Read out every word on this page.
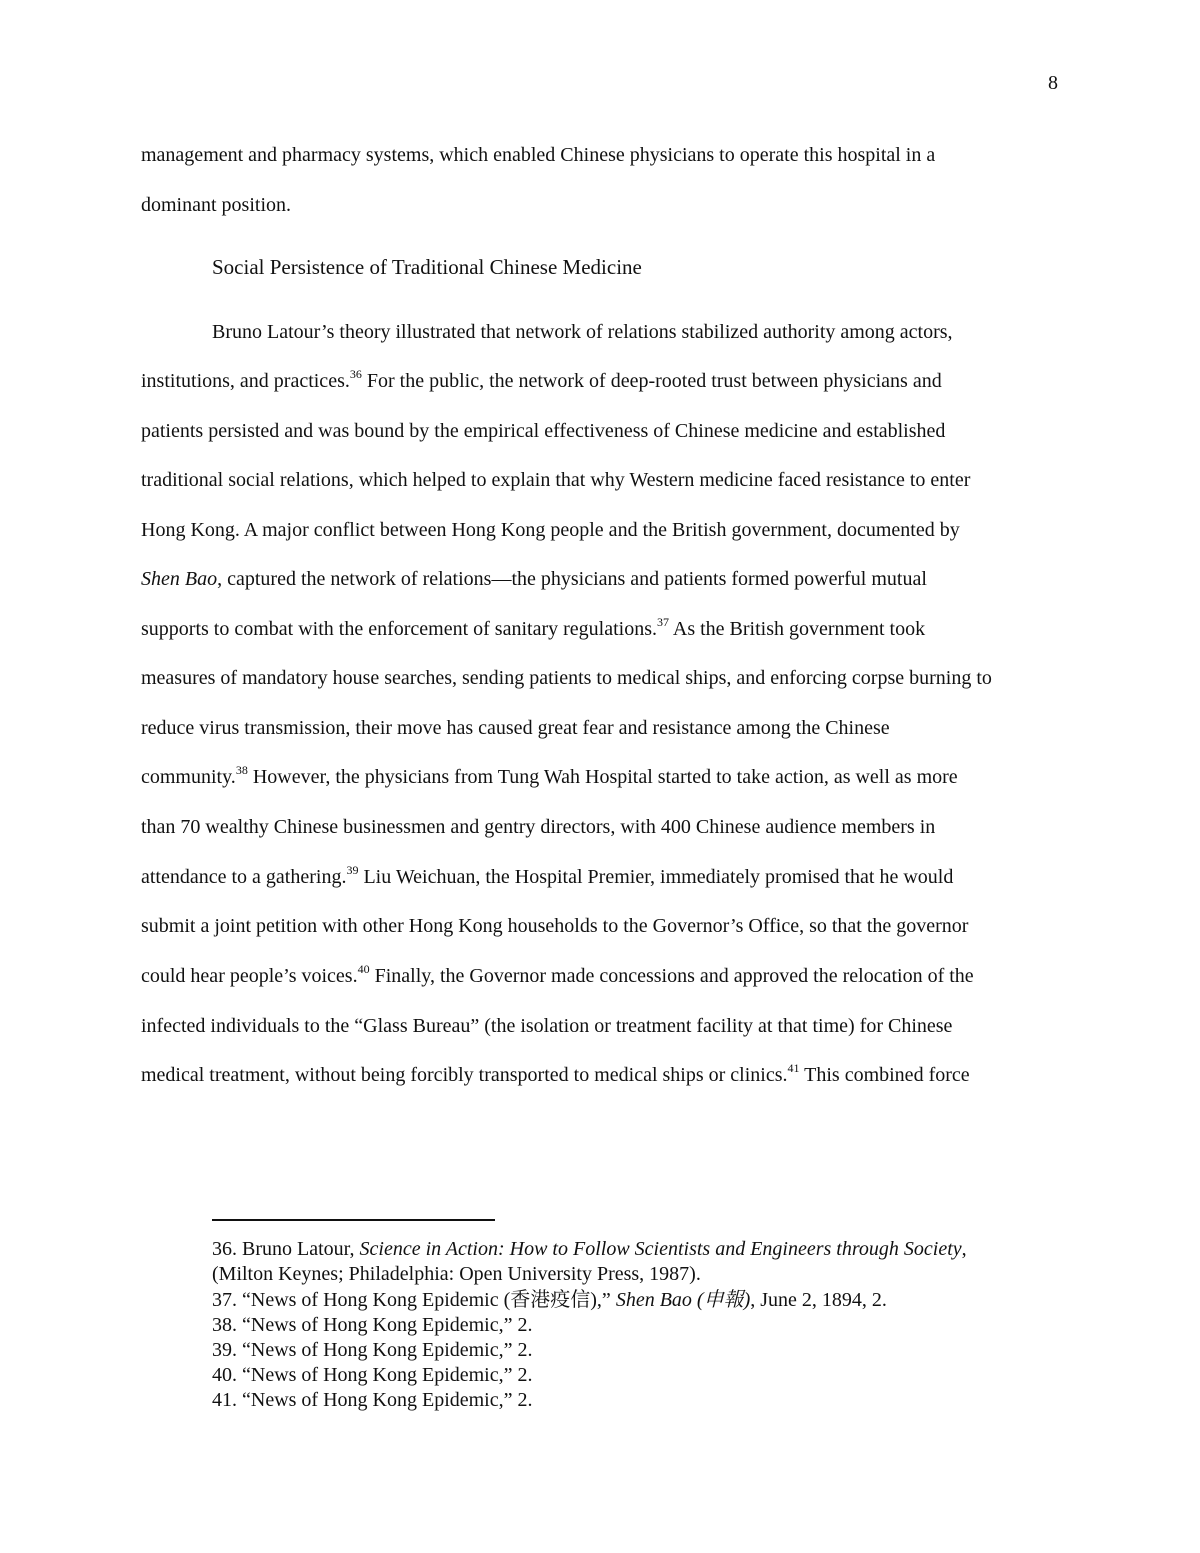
8
management and pharmacy systems, which enabled Chinese physicians to operate this hospital in a
dominant position.
Social Persistence of Traditional Chinese Medicine
Bruno Latour’s theory illustrated that network of relations stabilized authority among actors,
institutions, and practices.$^{36}$ For the public, the network of deep-rooted trust between physicians and
patients persisted and was bound by the empirical effectiveness of Chinese medicine and established
traditional social relations, which helped to explain that why Western medicine faced resistance to enter
Hong Kong. A major conflict between Hong Kong people and the British government, documented by
Shen Bao, captured the network of relations—the physicians and patients formed powerful mutual
supports to combat with the enforcement of sanitary regulations.$^{37}$ As the British government took
measures of mandatory house searches, sending patients to medical ships, and enforcing corpse burning to
reduce virus transmission, their move has caused great fear and resistance among the Chinese
community.$^{38}$ However, the physicians from Tung Wah Hospital started to take action, as well as more
than 70 wealthy Chinese businessmen and gentry directors, with 400 Chinese audience members in
attendance to a gathering.$^{39}$ Liu Weichuan, the Hospital Premier, immediately promised that he would
submit a joint petition with other Hong Kong households to the Governor’s Office, so that the governor
could hear people’s voices.$^{40}$ Finally, the Governor made concessions and approved the relocation of the
infected individuals to the “Glass Bureau” (the isolation or treatment facility at that time) for Chinese
medical treatment, without being forcibly transported to medical ships or clinics.$^{41}$ This combined force
36. Bruno Latour, Science in Action: How to Follow Scientists and Engineers through Society,
(Milton Keynes; Philadelphia: Open University Press, 1987).
37. “News of Hong Kong Epidemic (香港疫信),” Shen Bao (申報), June 2, 1894, 2.
38. “News of Hong Kong Epidemic,” 2.
39. “News of Hong Kong Epidemic,” 2.
40. “News of Hong Kong Epidemic,” 2.
41. “News of Hong Kong Epidemic,” 2.
